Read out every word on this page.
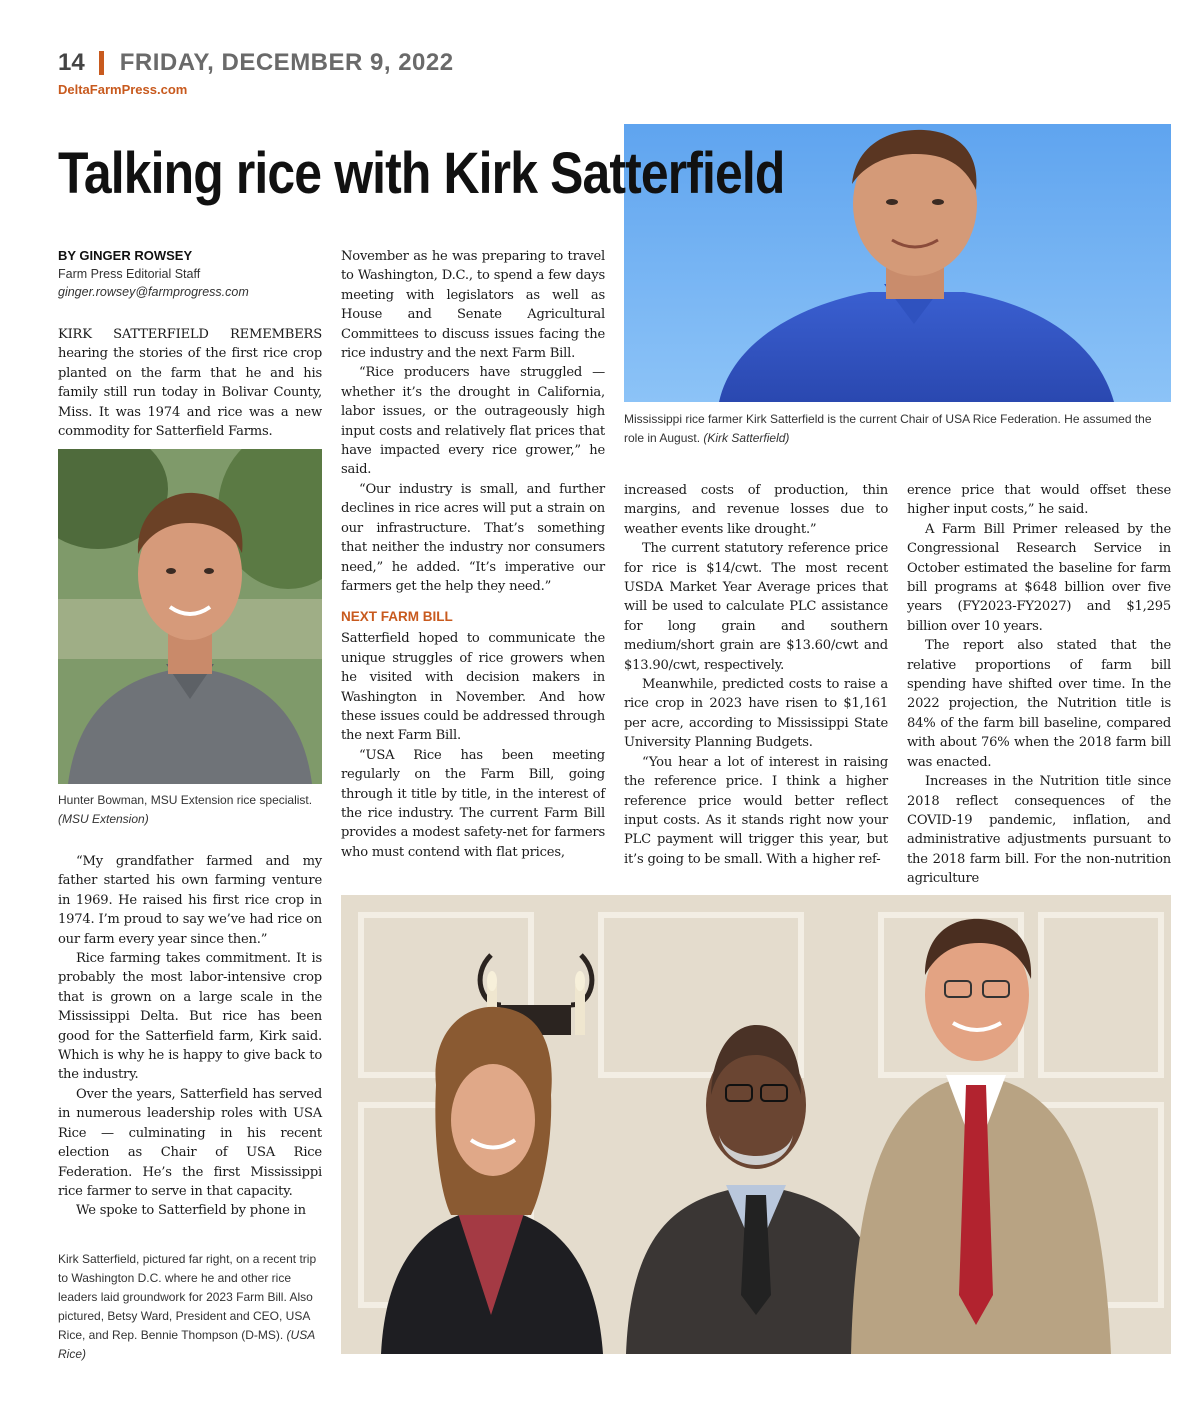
14 FRIDAY, DECEMBER 9, 2022
DeltaFarmPress.com
Talking rice with Kirk Satterfield
Mississippi rice farmer Kirk Satterfield is the current Chair of USA Rice Federation. He assumed the role in August. (Kirk Satterfield)
BY GINGER ROWSEY
Farm Press Editorial Staff
ginger.rowsey@farmprogress.com

KIRK SATTERFIELD REMEMBERS hearing the stories of the first rice crop planted on the farm that he and his family still run today in Bolivar County, Miss. It was 1974 and rice was a new commodity for Satterfield Farms.

Hunter Bowman, MSU Extension rice specialist. (MSU Extension)

“My grandfather farmed and my father started his own farming venture in 1969. He raised his first rice crop in 1974. I’m proud to say we’ve had rice on our farm every year since then.”

Rice farming takes commitment. It is probably the most labor-intensive crop that is grown on a large scale in the Mississippi Delta. But rice has been good for the Satterfield farm, Kirk said. Which is why he is happy to give back to the industry.

Over the years, Satterfield has served in numerous leadership roles with USA Rice — culminating in his recent election as Chair of USA Rice Federation. He’s the first Mississippi rice farmer to serve in that capacity.

We spoke to Satterfield by phone in

Kirk Satterfield, pictured far right, on a recent trip to Washington D.C. where he and other rice leaders laid groundwork for 2023 Farm Bill. Also pictured, Betsy Ward, President and CEO, USA Rice, and Rep. Bennie Thompson (D-MS). (USA Rice)

November as he was preparing to travel to Washington, D.C., to spend a few days meeting with legislators as well as House and Senate Agricultural Committees to discuss issues facing the rice industry and the next Farm Bill.

“Rice producers have struggled — whether it’s the drought in California, labor issues, or the outrageously high input costs and relatively flat prices that have impacted every rice grower,” he said.

“Our industry is small, and further declines in rice acres will put a strain on our infrastructure. That’s something that neither the industry nor consumers need,” he added. “It’s imperative our farmers get the help they need.”

NEXT FARM BILL

Satterfield hoped to communicate the unique struggles of rice growers when he visited with decision makers in Washington in November. And how these issues could be addressed through the next Farm Bill.

“USA Rice has been meeting regularly on the Farm Bill, going through it title by title, in the interest of the rice industry. The current Farm Bill provides a modest safety-net for farmers who must contend with flat prices,

increased costs of production, thin margins, and revenue losses due to weather events like drought.”

The current statutory reference price for rice is $14/cwt. The most recent USDA Market Year Average prices that will be used to calculate PLC assistance for long grain and southern medium/short grain are $13.60/cwt and $13.90/cwt, respectively.

Meanwhile, predicted costs to raise a rice crop in 2023 have risen to $1,161 per acre, according to Mississippi State University Planning Budgets.

“You hear a lot of interest in raising the reference price. I think a higher reference price would better reflect input costs. As it stands right now your PLC payment will trigger this year, but it’s going to be small. With a higher ref-

erence price that would offset these higher input costs,” he said.

A Farm Bill Primer released by the Congressional Research Service in October estimated the baseline for farm bill programs at $648 billion over five years (FY2023-FY2027) and $1,295 billion over 10 years.

The report also stated that the relative proportions of farm bill spending have shifted over time. In the 2022 projection, the Nutrition title is 84% of the farm bill baseline, compared with about 76% when the 2018 farm bill was enacted.

Increases in the Nutrition title since 2018 reflect consequences of the COVID-19 pandemic, inflation, and administrative adjustments pursuant to the 2018 farm bill. For the non-nutrition agriculture
